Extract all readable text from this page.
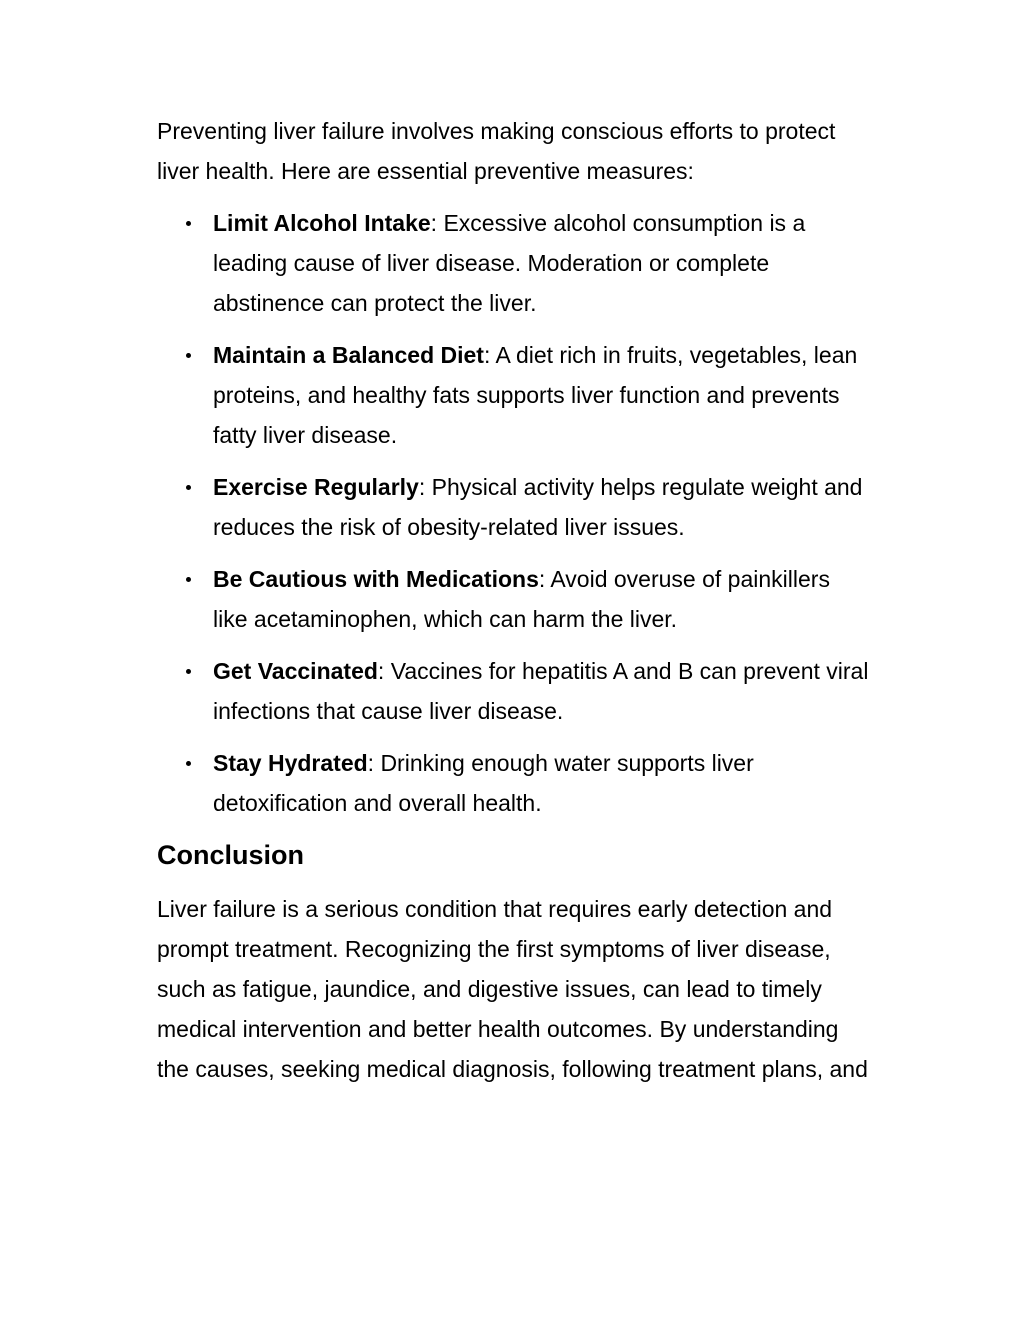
Preventing liver failure involves making conscious efforts to protect liver health. Here are essential preventive measures:

Limit Alcohol Intake: Excessive alcohol consumption is a leading cause of liver disease. Moderation or complete abstinence can protect the liver.
Maintain a Balanced Diet: A diet rich in fruits, vegetables, lean proteins, and healthy fats supports liver function and prevents fatty liver disease.
Exercise Regularly: Physical activity helps regulate weight and reduces the risk of obesity-related liver issues.
Be Cautious with Medications: Avoid overuse of painkillers like acetaminophen, which can harm the liver.
Get Vaccinated: Vaccines for hepatitis A and B can prevent viral infections that cause liver disease.
Stay Hydrated: Drinking enough water supports liver detoxification and overall health.
Conclusion

Liver failure is a serious condition that requires early detection and prompt treatment. Recognizing the first symptoms of liver disease, such as fatigue, jaundice, and digestive issues, can lead to timely medical intervention and better health outcomes. By understanding the causes, seeking medical diagnosis, following treatment plans, and
